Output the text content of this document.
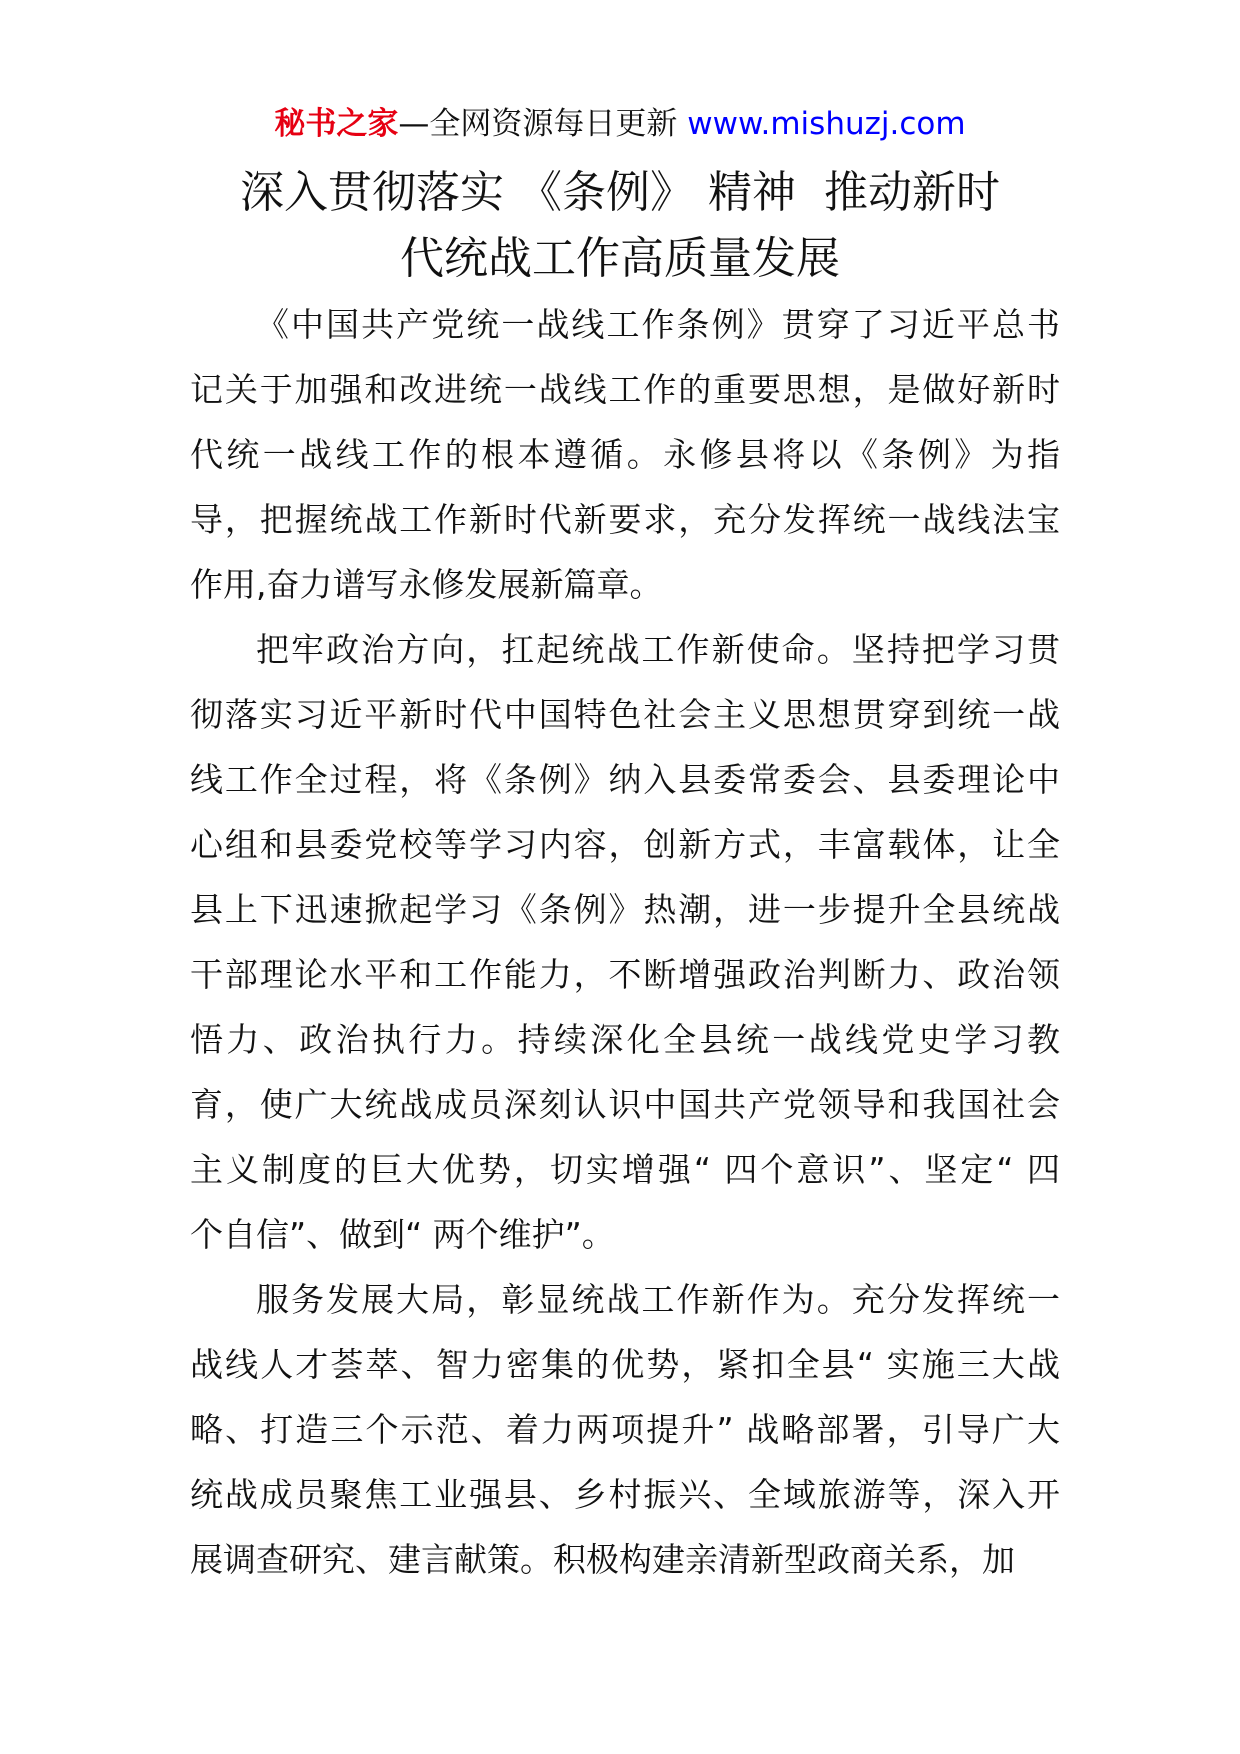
秘书之家—全网资源每日更新 www.mishuzj.com
深入贯彻落实 《条例》 精神  推动新时
代统战工作高质量发展
《中国共产党统一战线工作条例》贯穿了习近平总书
记关于加强和改进统一战线工作的重要思想，是做好新时
代统一战线工作的根本遵循。永修县将以《条例》为指
导，把握统战工作新时代新要求，充分发挥统一战线法宝
作用,奋力谱写永修发展新篇章。
把牢政治方向，扛起统战工作新使命。坚持把学习贯
彻落实习近平新时代中国特色社会主义思想贯穿到统一战
线工作全过程，将《条例》纳入县委常委会、县委理论中
心组和县委党校等学习内容，创新方式，丰富载体，让全
县上下迅速掀起学习《条例》热潮，进一步提升全县统战
干部理论水平和工作能力，不断增强政治判断力、政治领
悟力、政治执行力。持续深化全县统一战线党史学习教
育，使广大统战成员深刻认识中国共产党领导和我国社会
主义制度的巨大优势，切实增强“ 四个意识”、坚定“ 四
个自信”、做到“ 两个维护”。
服务发展大局，彰显统战工作新作为。充分发挥统一
战线人才荟萃、智力密集的优势，紧扣全县“ 实施三大战
略、打造三个示范、着力两项提升” 战略部署，引导广大
统战成员聚焦工业强县、乡村振兴、全域旅游等，深入开
展调查研究、建言献策。积极构建亲清新型政商关系，加
